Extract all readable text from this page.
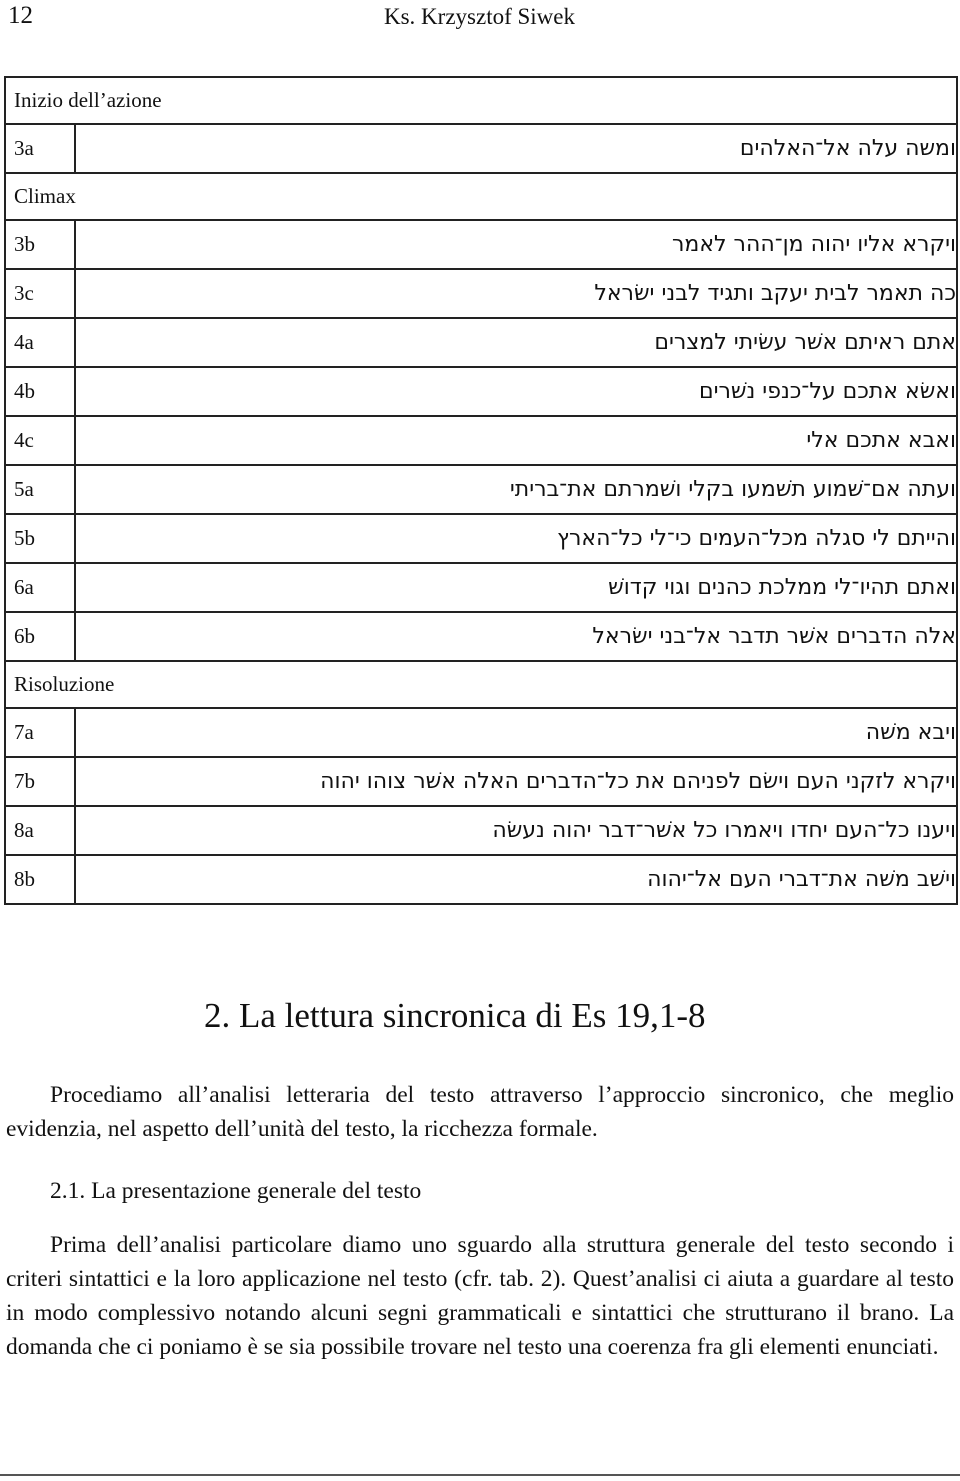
12	Ks. Krzysztof Siwek
Inizio dell’azione	
3a	ומשה עלה אל־האלהים
Climax	
3b	ויקרא אליו יהוה מן־ההר לאמר
3c	כה תאמר לבית יעקב ותגיד לבני ישׂראל
4a	אתם ראיתם אשׁר עשׂיתי למצרים
4b	ואשׂא אתכם על־כנפי נשׁרים
4c	ואבא אתכם אלי
5a	ועתה אם־שׁמוע תשׁמעו בקלי ושׁמרתם את־בריתי
5b	והייתם לי סגלה מכל־העמים כי־לי כל־הארץ
6a	ואתם תהיו־לי ממלכת כהנים וגוי קדושׁ
6b	אלה הדברים אשׁר תדבר אל־בני ישׂראל
Risoluzione	
7a	ויבא משׁה
7b	ויקרא לזקני העם וישׂם לפניהם את כל־הדברים האלה אשׁר צוהו יהוה
8a	ויענו כל־העם יחדו ויאמרו כל אשׁר־דבר יהוה נעשׂה
8b	וישׁב משׁה את־דברי העם אל־יהוה
2. La lettura sincronica di Es 19,1-8
Procediamo all’analisi letteraria del testo attraverso l’approccio sincronico, che meglio evidenzia, nel aspetto dell’unità del testo, la ricchezza formale.
2.1. La presentazione generale del testo
Prima dell’analisi particolare diamo uno sguardo alla struttura generale del testo secondo i criteri sintattici e la loro applicazione nel testo (cfr. tab. 2). Quest’analisi ci aiuta a guardare al testo in modo complessivo notando alcuni segni grammaticali e sintattici che strutturano il brano. La domanda che ci poniamo è se sia possibile trovare nel testo una coerenza fra gli elementi enunciati.
